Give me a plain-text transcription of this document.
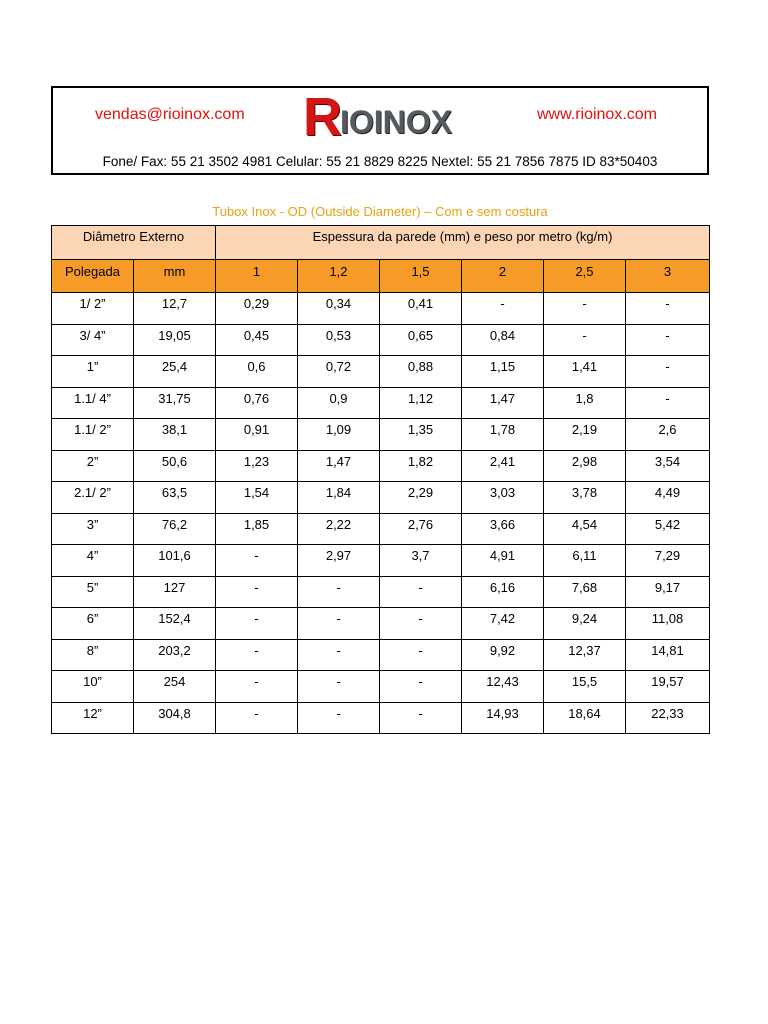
vendas@rioinox.com R IOINOX	www.rioinox.com
Fone/ Fax: 55 21 3502 4981 Celular: 55 21 8829 8225 Nextel: 55 21 7856 7875 ID 83*50403
Tubox Inox - OD (Outside Diameter) – Com e sem costura
Diâmetro Externo		Espessura da parede (mm) e peso por metro (kg/m)					
Polegada	mm	1	1,2	1,5	2	2,5	3
1/ 2”	12,7	0,29	0,34	0,41	-	-	-
3/ 4”	19,05	0,45	0,53	0,65	0,84	-	-
1”	25,4	0,6	0,72	0,88	1,15	1,41	-
1.1/ 4”	31,75	0,76	0,9	1,12	1,47	1,8	-
1.1/ 2”	38,1	0,91	1,09	1,35	1,78	2,19	2,6
2”	50,6	1,23	1,47	1,82	2,41	2,98	3,54
2.1/ 2”	63,5	1,54	1,84	2,29	3,03	3,78	4,49
3”	76,2	1,85	2,22	2,76	3,66	4,54	5,42
4”	101,6	-	2,97	3,7	4,91	6,11	7,29
5”	127	-	-	-	6,16	7,68	9,17
6”	152,4	-	-	-	7,42	9,24	11,08
8”	203,2	-	-	-	9,92	12,37	14,81
10”	254	-	-	-	12,43	15,5	19,57
12”	304,8	-	-	-	14,93	18,64	22,33
